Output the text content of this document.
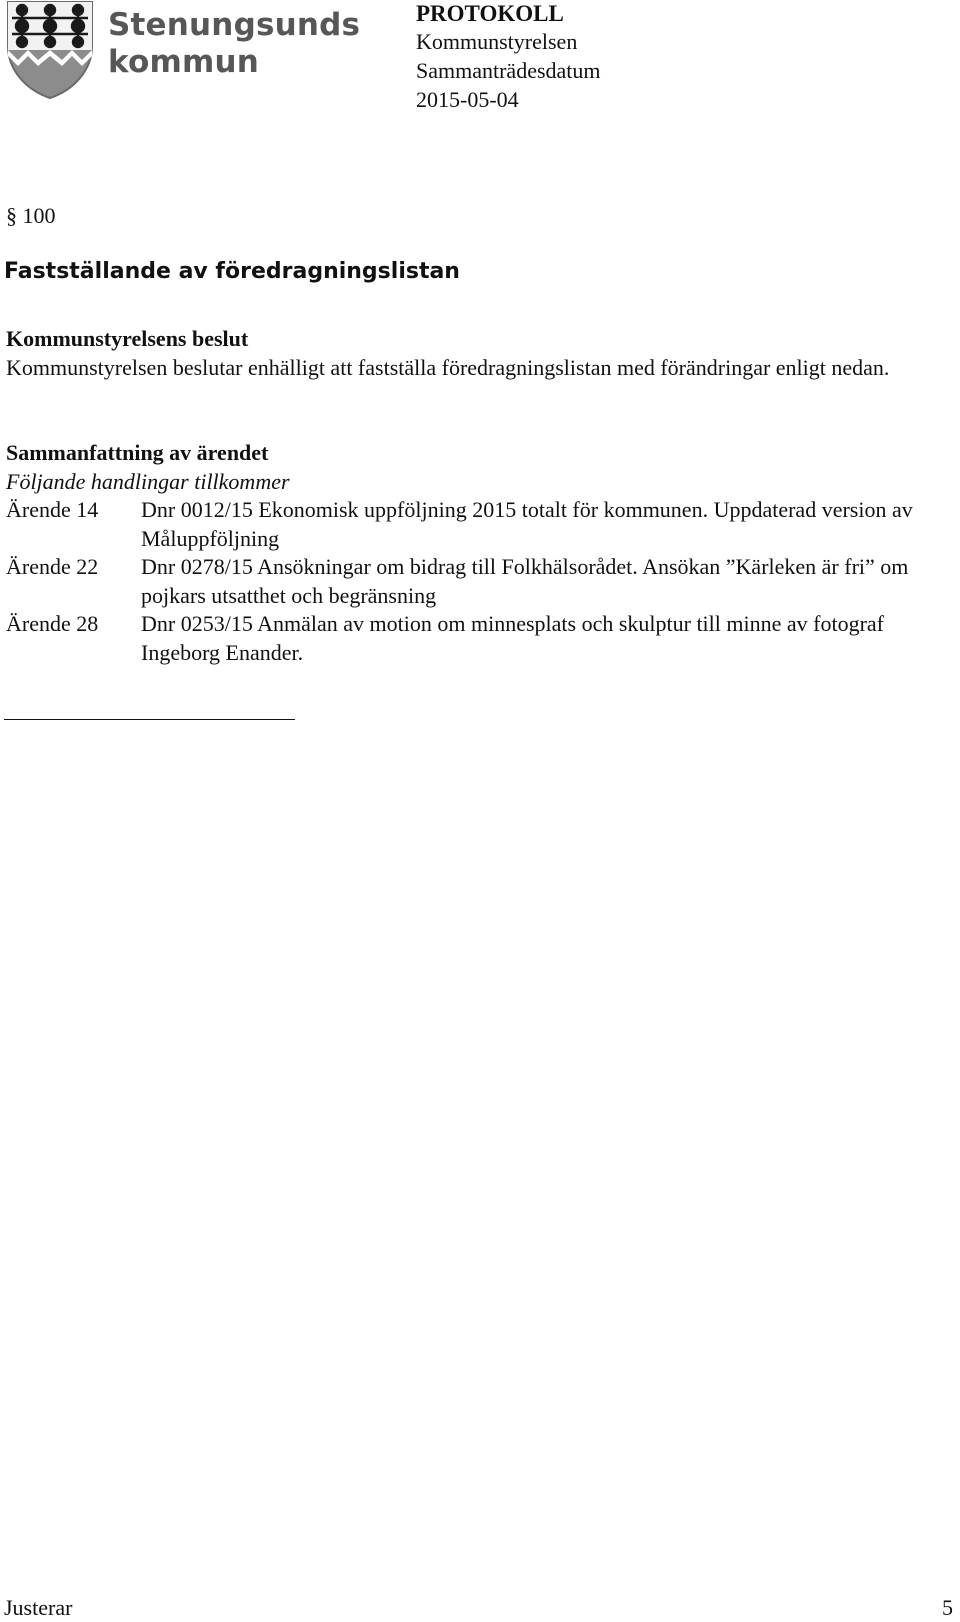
Stenungsunds
kommun
PROTOKOLL
Kommunstyrelsen
Sammanträdesdatum
2015-05-04
§ 100
Fastställande av föredragningslistan
Kommunstyrelsens beslut
Kommunstyrelsen beslutar enhälligt att fastställa föredragningslistan med förändringar enligt nedan.
Sammanfattning av ärendet
Följande handlingar tillkommer
Ärende 14 Dnr 0012/15 Ekonomisk uppföljning 2015 totalt för kommunen. Uppdaterad version av Måluppföljning
Ärende 22 Dnr 0278/15 Ansökningar om bidrag till Folkhälsorådet. Ansökan ”Kärleken är fri” om pojkars utsatthet och begränsning
Ärende 28 Dnr 0253/15 Anmälan av motion om minnesplats och skulptur till minne av fotograf Ingeborg Enander.
Justerar	5
